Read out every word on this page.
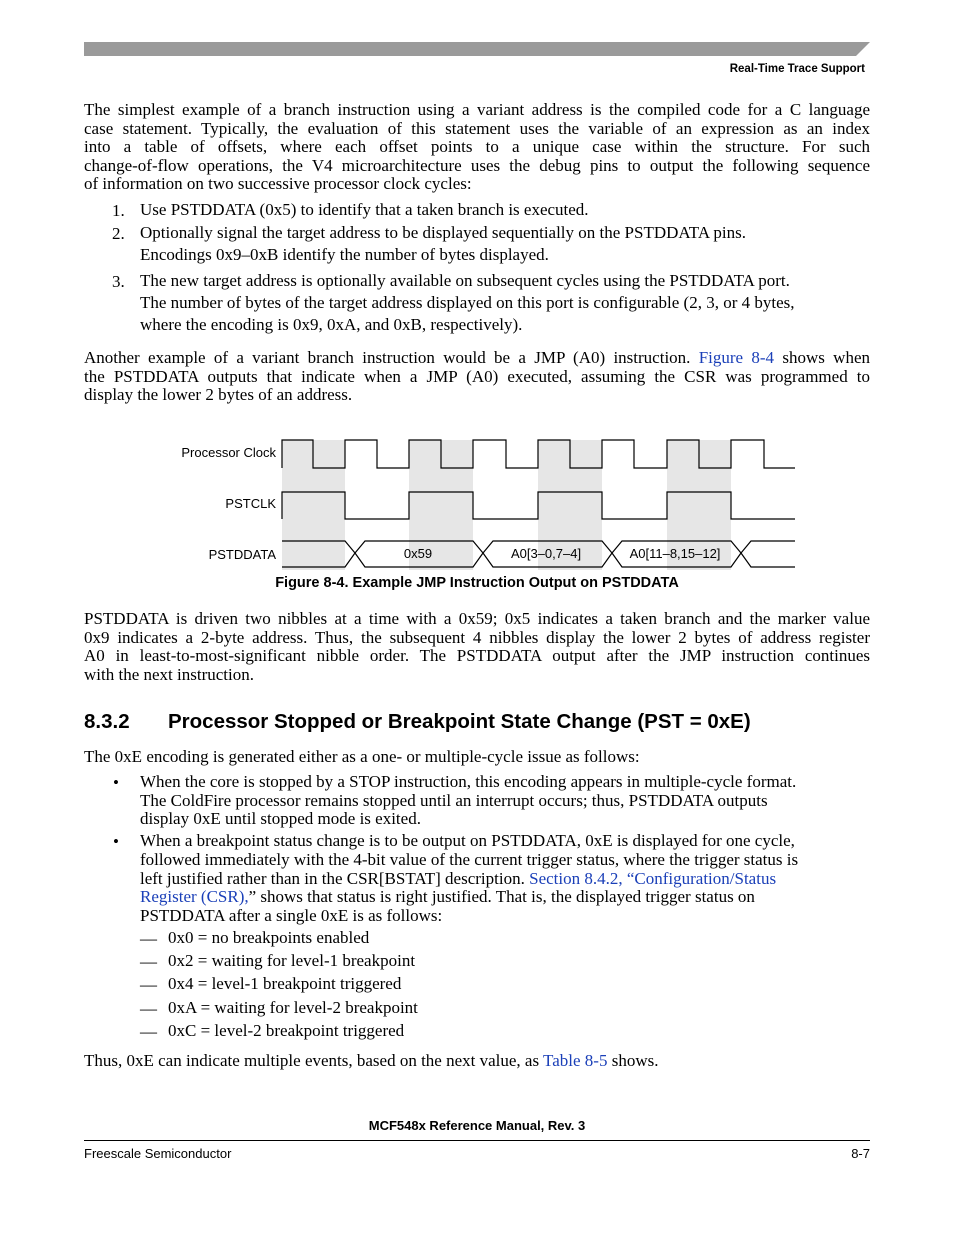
Real-Time Trace Support
The simplest example of a branch instruction using a variant address is the compiled code for a C language
case statement. Typically, the evaluation of this statement uses the variable of an expression as an index
into a table of offsets, where each offset points to a unique case within the structure. For such
change-of-flow operations, the V4 microarchitecture uses the debug pins to output the following sequence
of information on two successive processor clock cycles:
1. Use PSTDDATA (0x5) to identify that a taken branch is executed.
2. Optionally signal the target address to be displayed sequentially on the PSTDDATA pins.
Encodings 0x9–0xB identify the number of bytes displayed.
3. The new target address is optionally available on subsequent cycles using the PSTDDATA port.
The number of bytes of the target address displayed on this port is configurable (2, 3, or 4 bytes,
where the encoding is 0x9, 0xA, and 0xB, respectively).
Another example of a variant branch instruction would be a JMP (A0) instruction. Figure 8-4 shows when
the PSTDDATA outputs that indicate when a JMP (A0) executed, assuming the CSR was programmed to
display the lower 2 bytes of an address.
Processor Clock
PSTCLK
PSTDDATA	0x59	A0[3–0,7–4]	A0[11–8,15–12]
Figure 8-4. Example JMP Instruction Output on PSTDDATA
PSTDDATA is driven two nibbles at a time with a 0x59; 0x5 indicates a taken branch and the marker value
0x9 indicates a 2-byte address. Thus, the subsequent 4 nibbles display the lower 2 bytes of address register
A0 in least-to-most-significant nibble order. The PSTDDATA output after the JMP instruction continues
with the next instruction.
8.3.2 Processor Stopped or Breakpoint State Change (PST = 0xE)
The 0xE encoding is generated either as a one- or multiple-cycle issue as follows:
• When the core is stopped by a STOP instruction, this encoding appears in multiple-cycle format.
The ColdFire processor remains stopped until an interrupt occurs; thus, PSTDDATA outputs
display 0xE until stopped mode is exited.
• When a breakpoint status change is to be output on PSTDDATA, 0xE is displayed for one cycle,
followed immediately with the 4-bit value of the current trigger status, where the trigger status is
left justified rather than in the CSR[BSTAT] description. Section 8.4.2, “Configuration/Status
Register (CSR),” shows that status is right justified. That is, the displayed trigger status on
PSTDDATA after a single 0xE is as follows:
— 0x0 = no breakpoints enabled
— 0x2 = waiting for level-1 breakpoint
— 0x4 = level-1 breakpoint triggered
— 0xA = waiting for level-2 breakpoint
— 0xC = level-2 breakpoint triggered
Thus, 0xE can indicate multiple events, based on the next value, as Table 8-5 shows.
MCF548x Reference Manual, Rev. 3
Freescale Semiconductor	8-7
